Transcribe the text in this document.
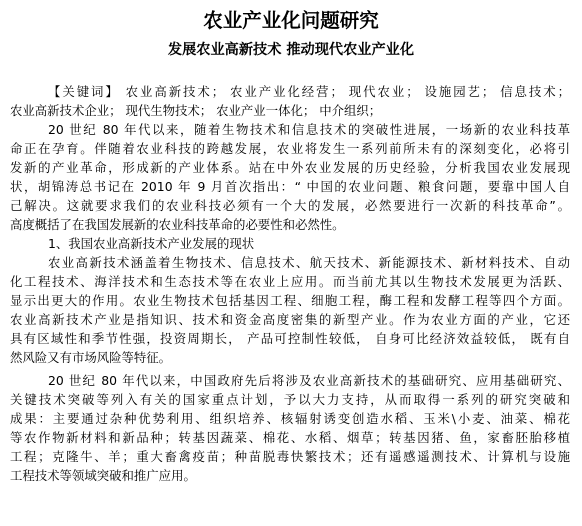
农业产业化问题研究
发展农业高新技术 推动现代农业产业化
【关键词】 农业高新技术； 农业产业化经营； 现代农业； 设施园艺； 信息技术；
农业高新技术企业； 现代生物技术； 农业产业一体化； 中介组织；
20 世纪 80 年代以来，随着生物技术和信息技术的突破性进展，一场新的农业科技革
命正在孕育。伴随着农业科技的跨越发展，农业将发生一系列前所未有的深刻变化，必将引
发新的产业革命，形成新的产业体系。站在中外农业发展的历史经验，分析我国农业发展现
状，胡锦涛总书记在 2010 年 9 月首次指出：“ 中国的农业问题、粮食问题，要靠中国人自
己解决。这就要求我们的农业科技必须有一个大的发展，必然要进行一次新的科技革命”。
高度概括了在我国发展新的农业科技革命的必要性和必然性。
1、我国农业高新技术产业发展的现状
农业高新技术涵盖着生物技术、信息技术、航天技术、新能源技术、新材料技术、自动
化工程技术、海洋技术和生态技术等在农业上应用。而当前尤其以生物技术发展更为活跃、
显示出更大的作用。农业生物技术包括基因工程、细胞工程，酶工程和发酵工程等四个方面。
农业高新技术产业是指知识、技术和资金高度密集的新型产业。作为农业方面的产业，它还
具有区域性和季节性强，投资周期长， 产品可控制性较低， 自身可比经济效益较低， 既有自
然风险又有市场风险等特征。
20 世纪 80 年代以来，中国政府先后将涉及农业高新技术的基础研究、应用基础研究、
关键技术突破等列入有关的国家重点计划，予以大力支持，从而取得一系列的研究突破和
成果：主要通过杂种优势利用、组织培养、核辐射诱变创造水稻、玉米\小麦、油菜、棉花
等农作物新材料和新品种；转基因蔬菜、棉花、水稻、烟草；转基因猪、鱼，家畜胚胎移植
工程；克隆牛、羊；重大畜禽疫苗；种苗脱毒快繁技术；还有遥感遥测技术、计算机与设施
工程技术等领域突破和推广应用。
